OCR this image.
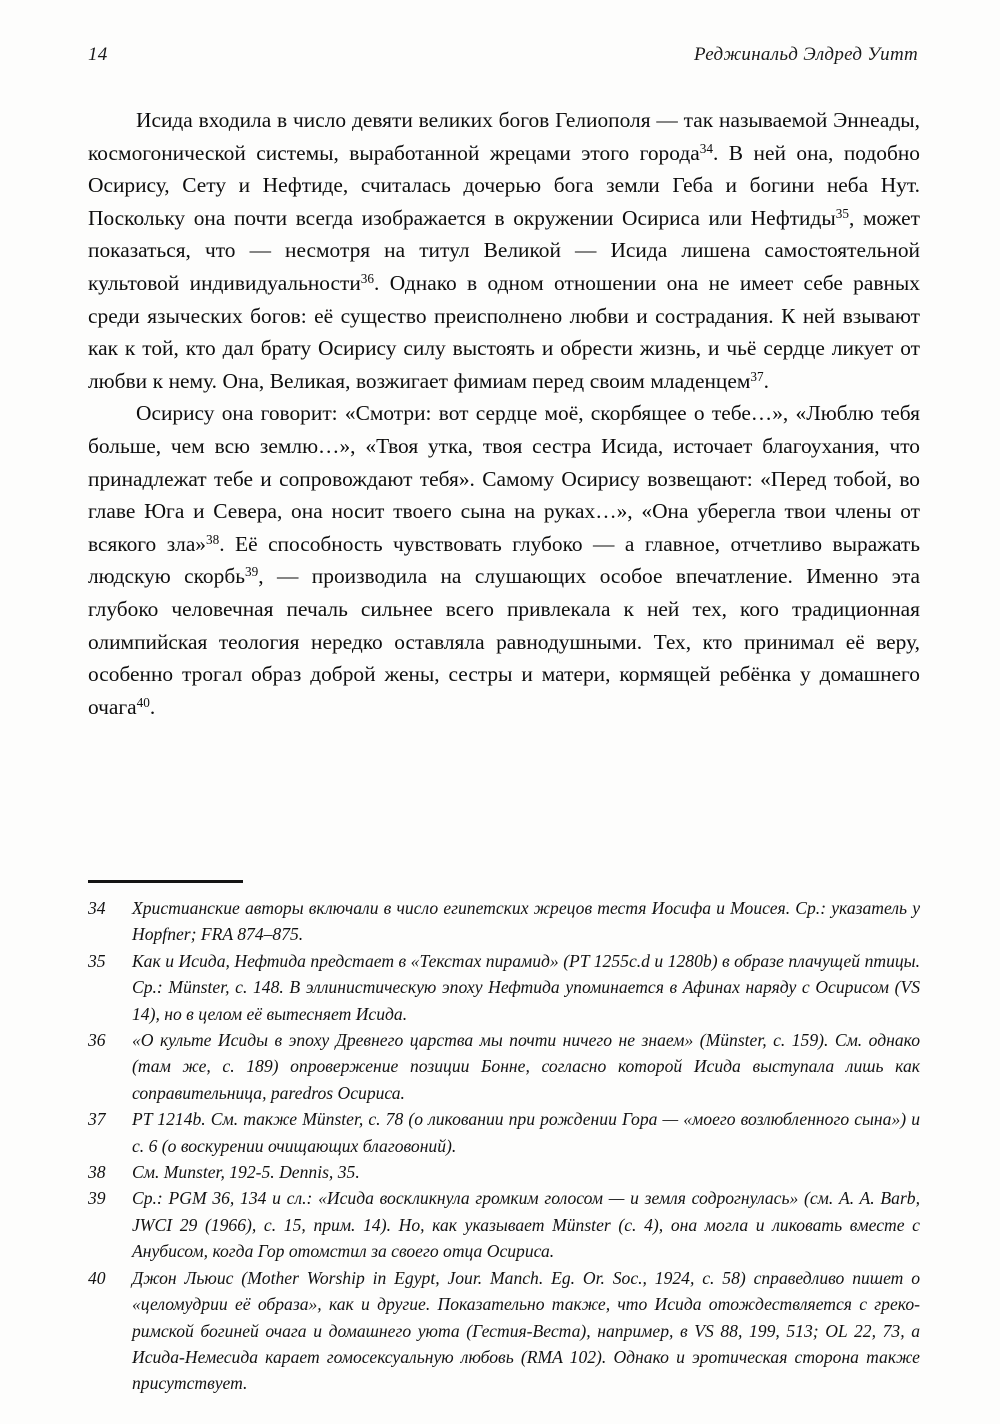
14	Реджинальд Элдред Уитт

Исида входила в число девяти великих богов Гелиополя — так называемой Эннеады, космогонической системы, выработанной жрецами этого города$^{34}$. В ней она, подобно Осирису, Сету и Нефтиде, считалась дочерью бога земли Геба и богини неба Нут. Поскольку она почти всегда изображается в окружении Осириса или Нефтиды$^{35}$, может показаться, что — несмотря на титул Великой — Исида лишена самостоятельной культовой индивидуальности$^{36}$. Однако в одном отношении она не имеет себе равных среди языческих богов: её существо преисполнено любви и сострадания. К ней взывают как к той, кто дал брату Осирису силу выстоять и обрести жизнь, и чьё сердце ликует от любви к нему. Она, Великая, возжигает фимиам перед своим младенцем$^{37}$.

Осирису она говорит: «Смотри: вот сердце моё, скорбящее о тебе…», «Люблю тебя больше, чем всю землю…», «Твоя утка, твоя сестра Исида, источает благоухания, что принадлежат тебе и сопровождают тебя». Самому Осирису возвещают: «Перед тобой, во главе Юга и Севера, она носит твоего сына на руках…», «Она уберегла твои члены от всякого зла»$^{38}$. Её способность чувствовать глубоко — а главное, отчетливо выражать людскую скорбь$^{39}$, — производила на слушающих особое впечатление. Именно эта глубоко человечная печаль сильнее всего привлекала к ней тех, кого традиционная олимпийская теология нередко оставляла равнодушными. Тех, кто принимал её веру, особенно трогал образ доброй жены, сестры и матери, кормящей ребёнка у домашнего очага$^{40}$.

34 Христианские авторы включали в число египетских жрецов тестя Иосифа и Моисея. Ср.: указатель у Hopfner; FRA 874–875.
35 Как и Исида, Нефтида предстает в «Текстах пирамид» (PT 1255c.d и 1280b) в образе плачущей птицы. Ср.: Münster, с. 148. В эллинистическую эпоху Нефтида упоминается в Афинах наряду с Осирисом (VS 14), но в целом её вытесняет Исида.
36 «О культе Исиды в эпоху Древнего царства мы почти ничего не знаем» (Münster, с. 159). См. однако (там же, с. 189) опровержение позиции Бонне, согласно которой Исида выступала лишь как соправительница, paredros Осириса.
37 PT 1214b. См. также Münster, с. 78 (о ликовании при рождении Гора — «моего возлюбленного сына») и с. 6 (о воскурении очищающих благовоний).
38 См. Munster, 192-5. Dennis, 35.
39 Ср.: PGM 36, 134 и сл.: «Исида воскликнула громким голосом — и земля содрогнулась» (см. A. A. Barb, JWCI 29 (1966), с. 15, прим. 14). Но, как указывает Münster (с. 4), она могла и ликовать вместе с Анубисом, когда Гор отомстил за своего отца Осириса.
40 Джон Льюис (Mother Worship in Egypt, Jour. Manch. Eg. Or. Soc., 1924, с. 58) справедливо пишет о «целомудрии её образа», как и другие. Показательно также, что Исида отождествляется с греко-римской богиней очага и домашнего уюта (Гестия-Веста), например, в VS 88, 199, 513; OL 22, 73, а Исида-Немесида карает гомосексуальную любовь (RMA 102). Однако и эротическая сторона также присутствует.
